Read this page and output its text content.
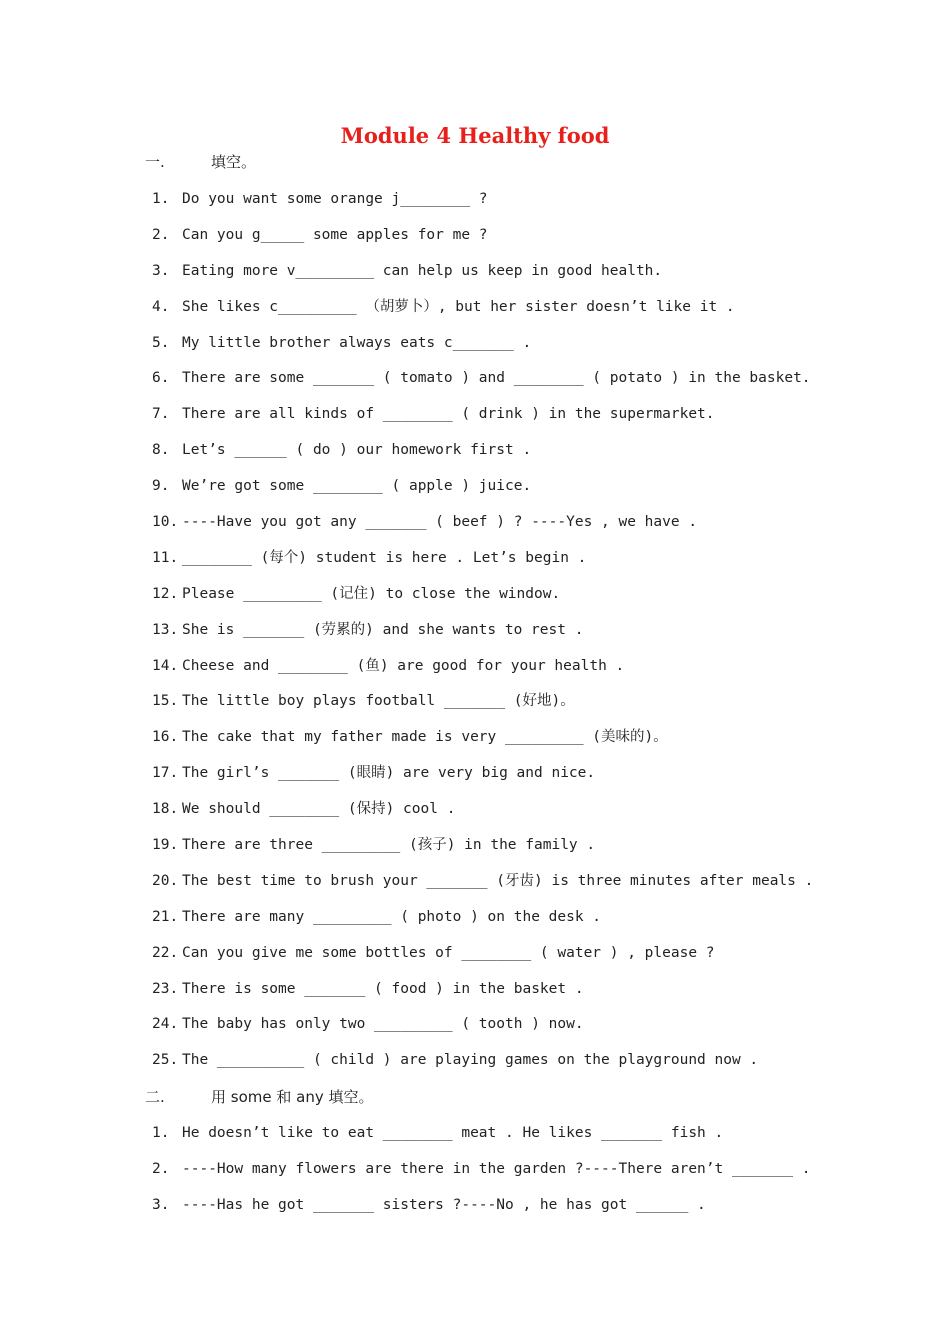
Module 4 Healthy food
一.	填空。
1. Do you want some orange j________ ?
2. Can you g_____ some apples for me ?
3. Eating more v_________ can help us keep in good health.
4. She likes c_________ （胡萝卜）, but her sister doesn’t like it .
5. My little brother always eats c_______ .
6. There are some _______ ( tomato ) and ________ ( potato ) in the basket.
7. There are all kinds of ________ ( drink ) in the supermarket.
8. Let’s ______ ( do ) our homework first .
9. We’re got some ________ ( apple ) juice.
10. ----Have you got any _______ ( beef ) ? ----Yes , we have .
11. ________ (每个) student is here . Let’s begin .
12. Please _________ (记住) to close the window.
13. She is _______ (劳累的) and she wants to rest .
14. Cheese and ________ (鱼) are good for your health .
15. The little boy plays football _______ (好地)。
16. The cake that my father made is very _________ (美味的)。
17. The girl’s _______ (眼睛) are very big and nice.
18. We should ________ (保持) cool .
19. There are three _________ (孩子) in the family .
20. The best time to brush your _______ (牙齿) is three minutes after meals .
21. There are many _________ ( photo ) on the desk .
22. Can you give me some bottles of ________ ( water ) , please ?
23. There is some _______ ( food ) in the basket .
24. The baby has only two _________ ( tooth ) now.
25. The __________ ( child ) are playing games on the playground now .
二.	用 some 和 any 填空。
1. He doesn’t like to eat ________ meat . He likes _______ fish .
2. ----How many flowers are there in the garden ?----There aren’t _______ .
3. ----Has he got _______ sisters ?----No , he has got ______ .
